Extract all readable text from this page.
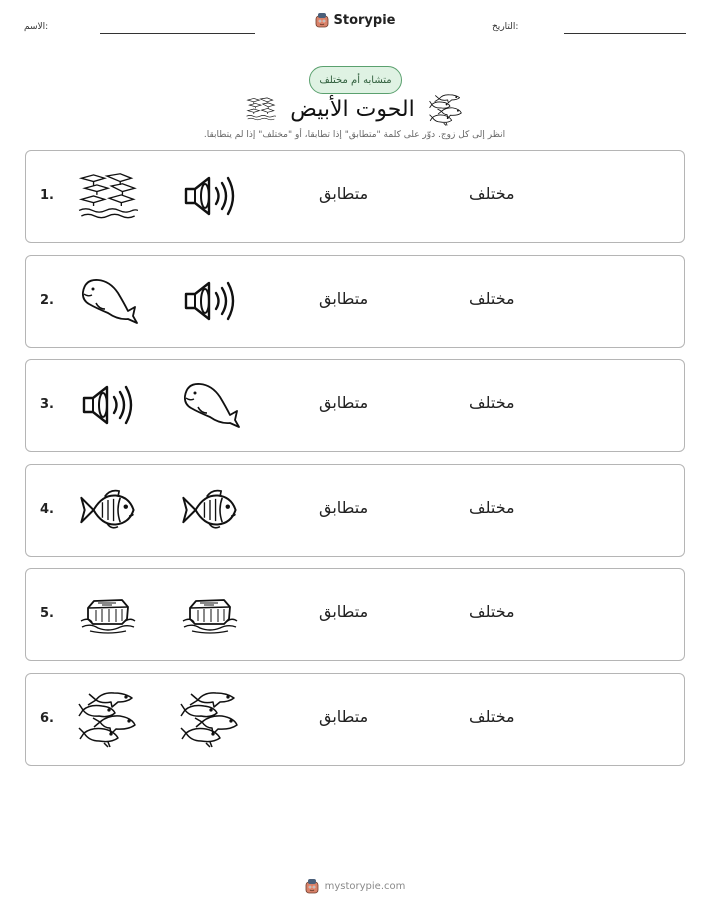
Storypie
الاسم:	التاريخ:
متشابه أم مختلف
الحوت الأبيض
انظر إلى كل زوج. دوّر على كلمة "متطابق" إذا تطابقا، أو "مختلف" إذا لم يتطابقا.
1.	متطابق	مختلف
2.	متطابق	مختلف
3.	متطابق	مختلف
4.	متطابق	مختلف
5.	متطابق	مختلف
6.	متطابق	مختلف
mystorypie.com
